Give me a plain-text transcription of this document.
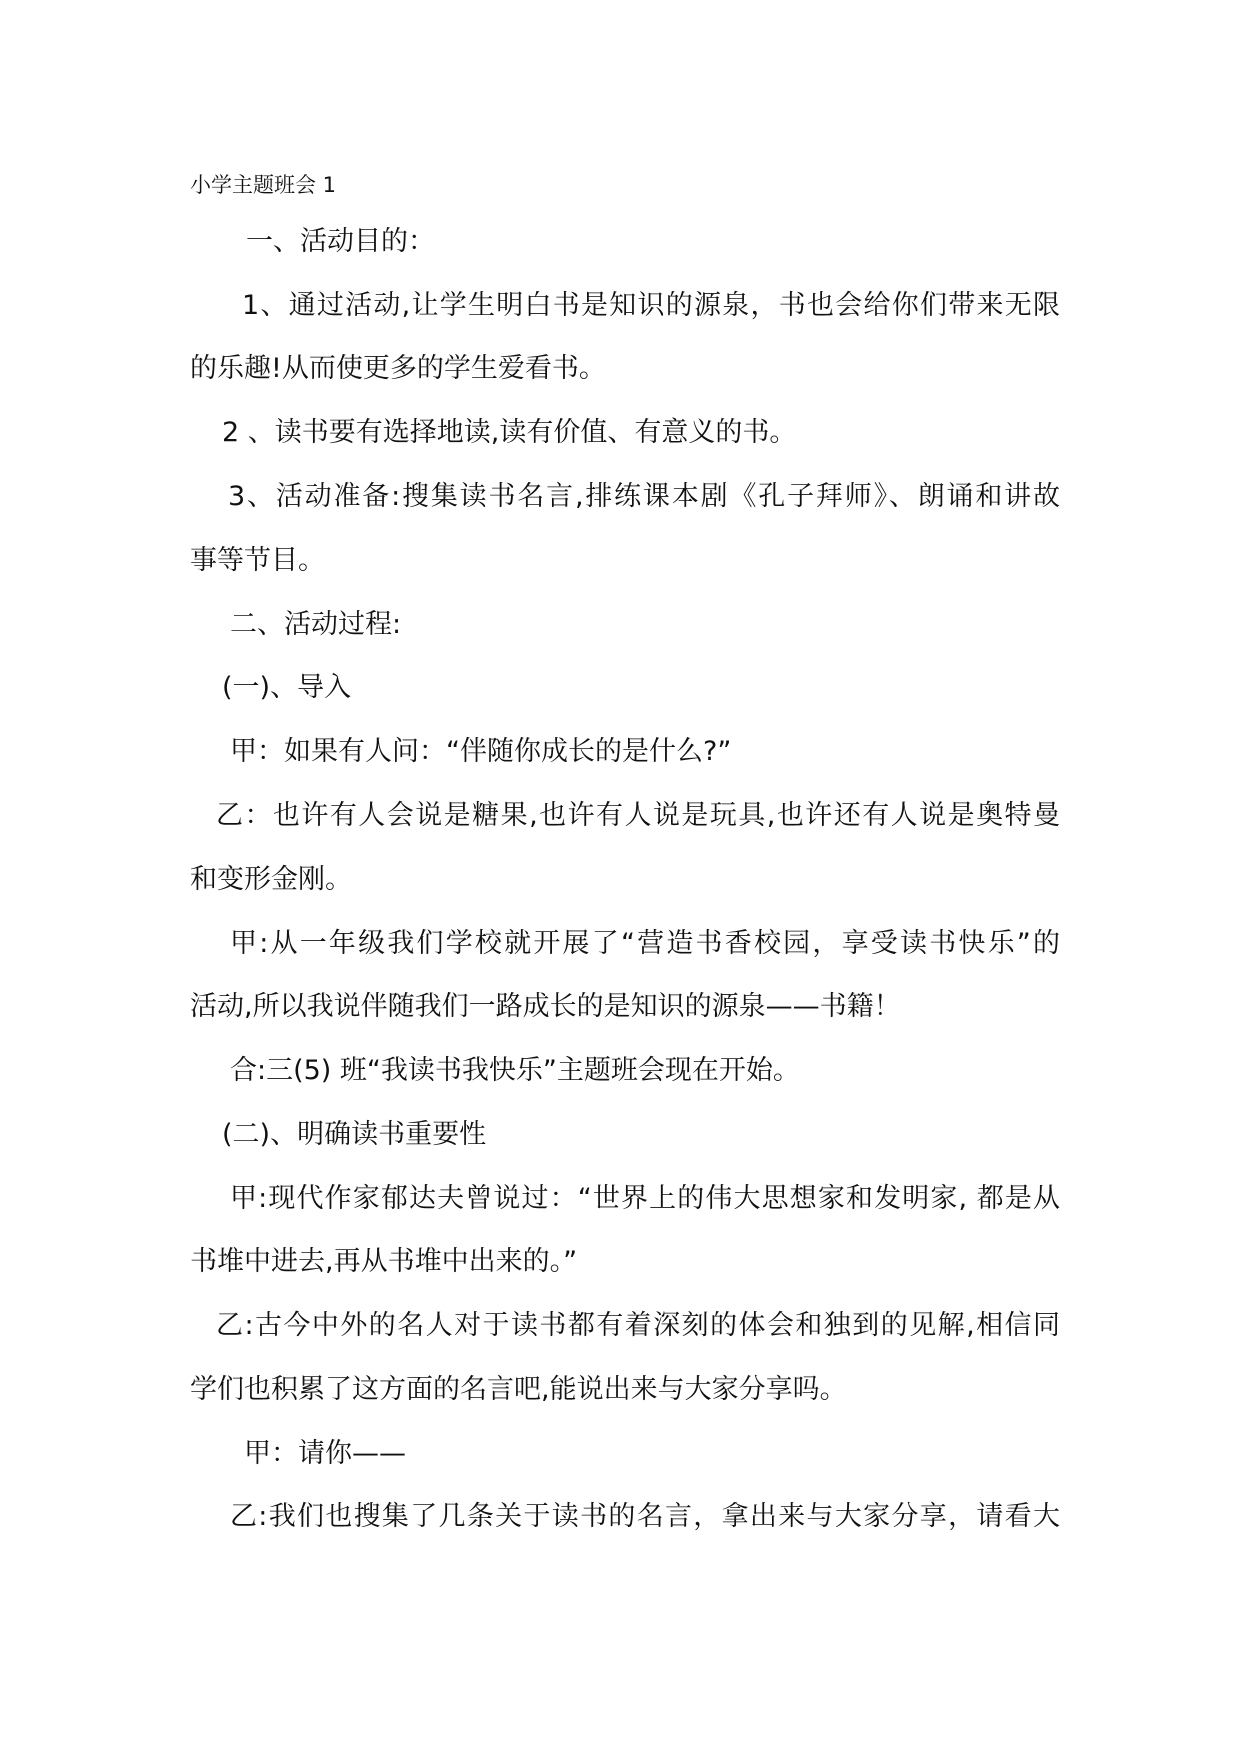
小学主题班会 1
一、活动目的：
1、通过活动,让学生明白书是知识的源泉，书也会给你们带来无限
的乐趣!从而使更多的学生爱看书。
2 、读书要有选择地读,读有价值、有意义的书。
3、活动准备:搜集读书名言,排练课本剧《孔子拜师》、朗诵和讲故
事等节目。
二、活动过程:
(一)、导入
甲：如果有人问：“伴随你成长的是什么?”
乙：也许有人会说是糖果,也许有人说是玩具,也许还有人说是奥特曼
和变形金刚。
甲:从一年级我们学校就开展了“营造书香校园，享受读书快乐”的
活动,所以我说伴随我们一路成长的是知识的源泉——书籍！
合:三(5) 班“我读书我快乐”主题班会现在开始。
(二)、明确读书重要性
甲:现代作家郁达夫曾说过：“世界上的伟大思想家和发明家, 都是从
书堆中进去,再从书堆中出来的。”
乙:古今中外的名人对于读书都有着深刻的体会和独到的见解,相信同
学们也积累了这方面的名言吧,能说出来与大家分享吗。
甲：请你——
乙:我们也搜集了几条关于读书的名言，拿出来与大家分享，请看大
